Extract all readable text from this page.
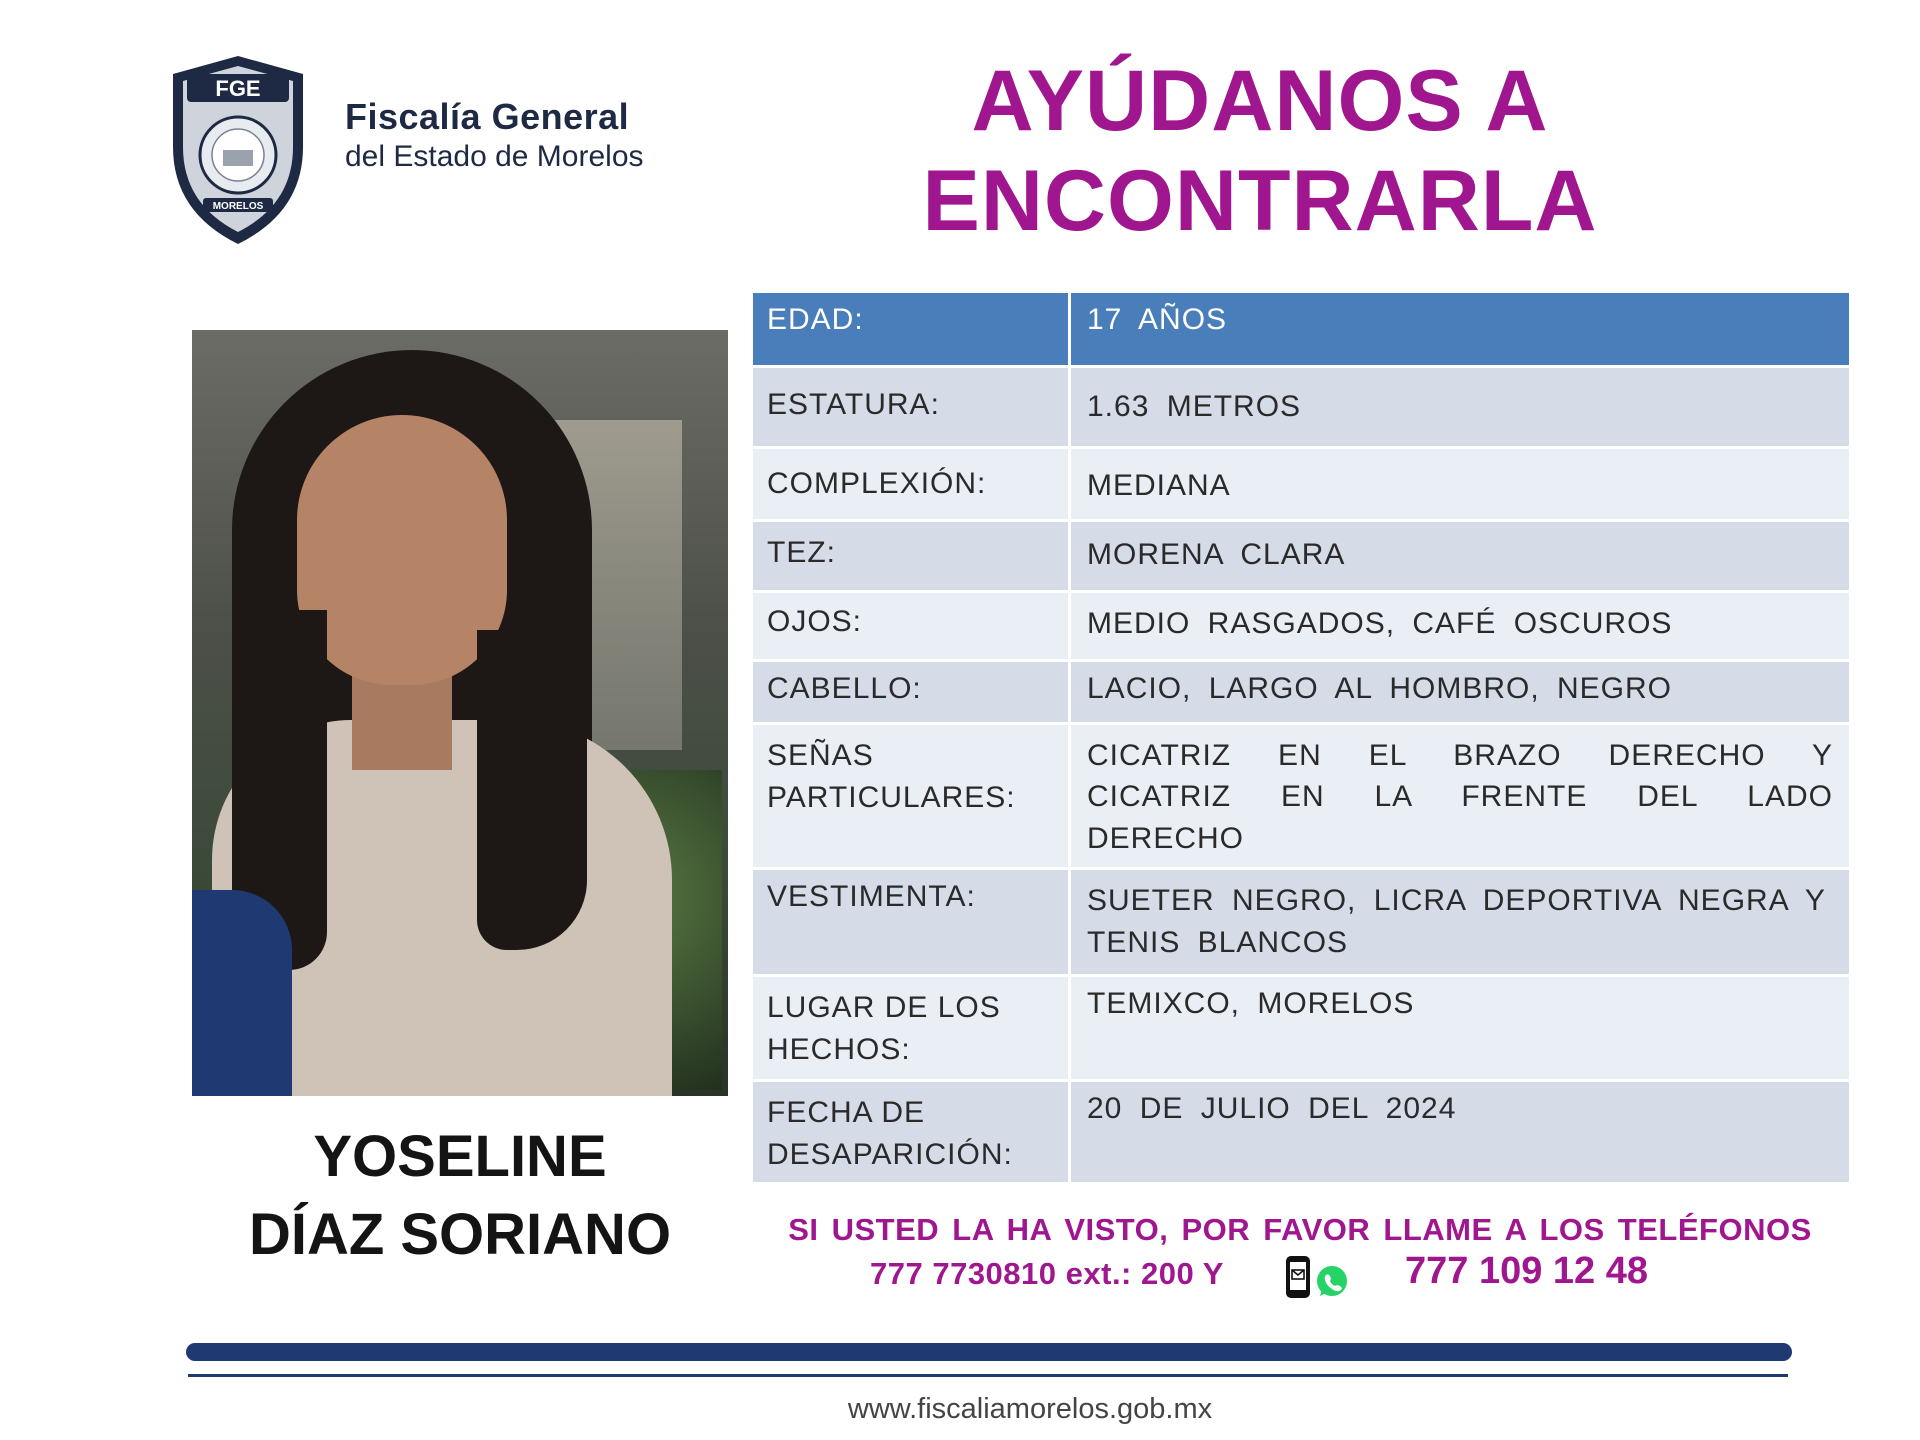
FGE
MORELOS
Fiscalía General
del Estado de Morelos
AYÚDANOS A
ENCONTRARLA
YOSELINE
DÍAZ SORIANO
EDAD:	17 AÑOS
ESTATURA:	1.63 METROS
COMPLEXIÓN:	MEDIANA
TEZ:	MORENA CLARA
OJOS:	MEDIO RASGADOS, CAFÉ OSCUROS
CABELLO:	LACIO, LARGO AL HOMBRO, NEGRO
SEÑAS PARTICULARES:
CICATRIZ EN EL BRAZO DERECHO Y CICATRIZ EN LA FRENTE DEL LADO DERECHO
VESTIMENTA:	SUETER NEGRO, LICRA DEPORTIVA NEGRA Y TENIS BLANCOS
LUGAR DE LOS HECHOS:
TEMIXCO, MORELOS
FECHA DE DESAPARICIÓN:
20 DE JULIO DEL 2024
SI USTED LA HA VISTO, POR FAVOR LLAME A LOS TELÉFONOS
777 7730810 ext.: 200 Y	777 109 12 48
www.fiscaliamorelos.gob.mx
